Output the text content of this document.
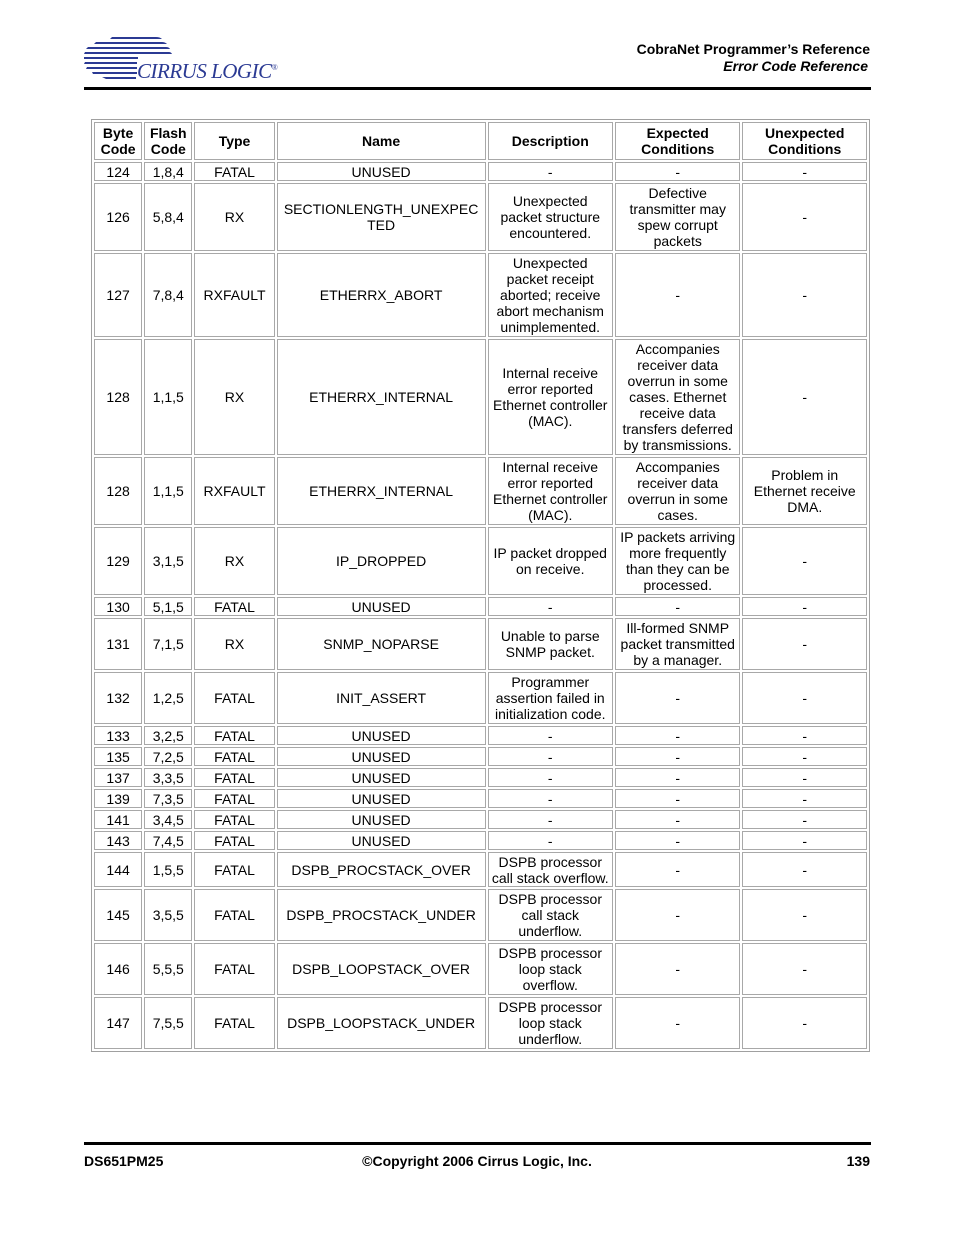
CIRRUS LOGIC®
CobraNet Programmer’s Reference
Error Code Reference
Byte Code	Flash Code	Type	Name	Description	Expected Conditions	Unexpected Conditions
124	1,8,4	FATAL	UNUSED	-	-	-
126	5,8,4	RX	SECTIONLENGTH_UNEXPECTED	Unexpected packet structure encountered.	Defective transmitter may spew corrupt packets	-
127	7,8,4	RXFAULT	ETHERRX_ABORT	Unexpected packet receipt aborted; receive abort mechanism unimplemented.	-	-
128	1,1,5	RX	ETHERRX_INTERNAL	Internal receive error reported Ethernet controller (MAC).	Accompanies receiver data overrun in some cases. Ethernet receive data transfers deferred by transmissions.	-
128	1,1,5	RXFAULT	ETHERRX_INTERNAL	Internal receive error reported Ethernet controller (MAC).	Accompanies receiver data overrun in some cases.	Problem in Ethernet receive DMA.
129	3,1,5	RX	IP_DROPPED	IP packet dropped on receive.	IP packets arriving more frequently than they can be processed.	-
130	5,1,5	FATAL	UNUSED	-	-	-
131	7,1,5	RX	SNMP_NOPARSE	Unable to parse SNMP packet.	Ill-formed SNMP packet transmitted by a manager.	-
132	1,2,5	FATAL	INIT_ASSERT	Programmer assertion failed in initialization code.	-	-
133	3,2,5	FATAL	UNUSED	-	-	-
135	7,2,5	FATAL	UNUSED	-	-	-
137	3,3,5	FATAL	UNUSED	-	-	-
139	7,3,5	FATAL	UNUSED	-	-	-
141	3,4,5	FATAL	UNUSED	-	-	-
143	7,4,5	FATAL	UNUSED	-	-	-
144	1,5,5	FATAL	DSPB_PROCSTACK_OVER	DSPB processor call stack overflow.	-	-
145	3,5,5	FATAL	DSPB_PROCSTACK_UNDER	DSPB processor call stack underflow.	-	-
146	5,5,5	FATAL	DSPB_LOOPSTACK_OVER	DSPB processor loop stack overflow.	-	-
147	7,5,5	FATAL	DSPB_LOOPSTACK_UNDER	DSPB processor loop stack underflow.	-	-
DS651PM25	©Copyright 2006 Cirrus Logic, Inc.	139
